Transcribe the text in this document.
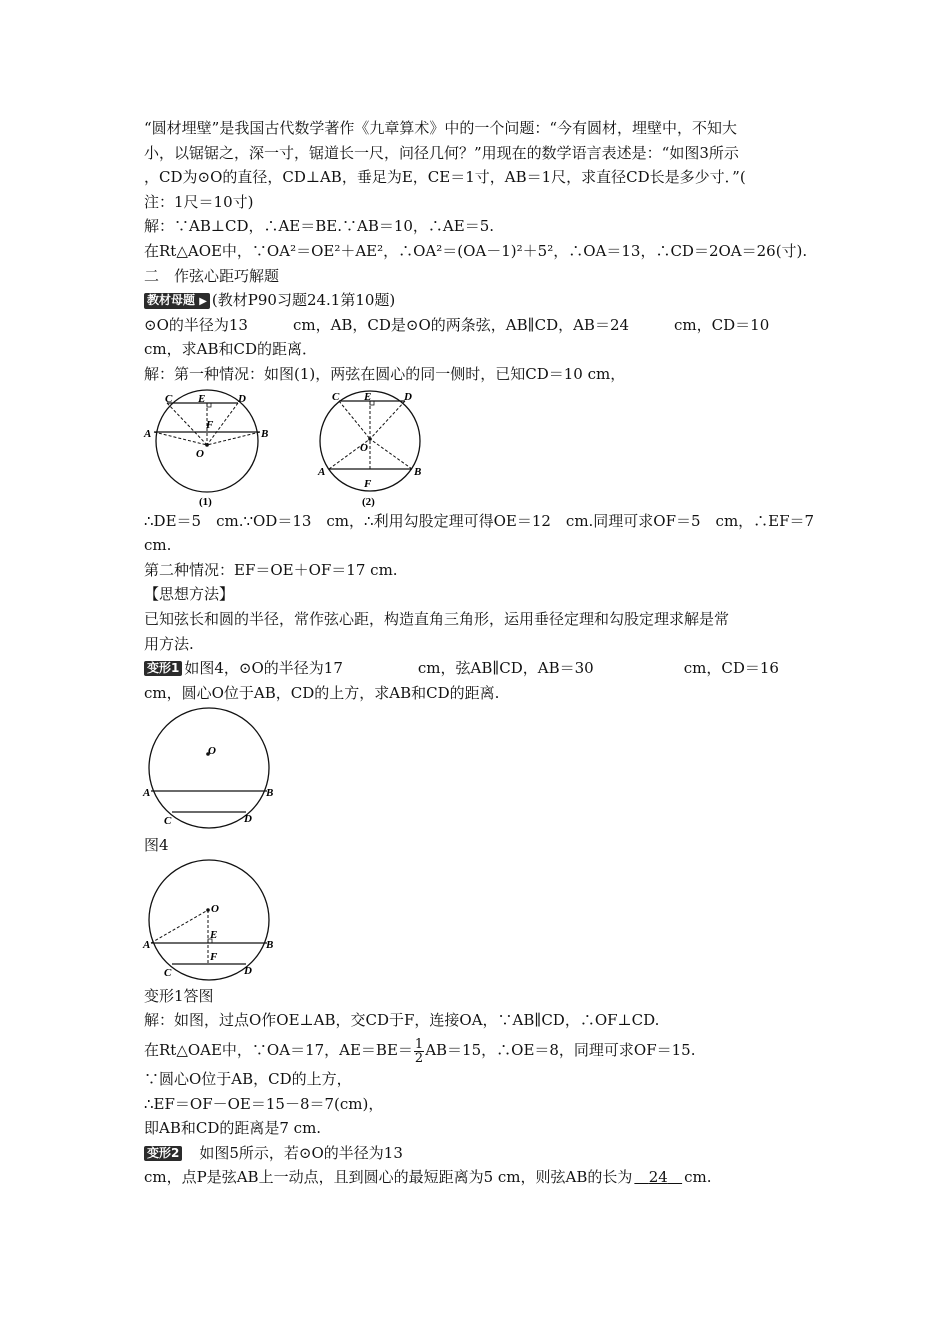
“圆材埋壁”是我国古代数学著作《九章算术》中的一个问题：“今有圆材，埋壁中，不知大
小，以锯锯之，深一寸，锯道长一尺，问径几何？”用现在的数学语言表述是：“如图3所示
，CD为⊙O的直径，CD⊥AB，垂足为E，CE＝1寸，AB＝1尺，求直径CD长是多少寸．”(
注：1尺＝10寸)
解：∵AB⊥CD，∴AE＝BE.∵AB＝10，∴AE＝5.
在Rt△AOE中，∵OA²＝OE²＋AE²，∴OA²＝(OA－1)²＋5²，∴OA＝13，∴CD＝2OA＝26(寸).
二　作弦心距巧解题
教材母题 ▶ (教材P90习题24.1第10题)
⊙O的半径为13　　　cm，AB，CD是⊙O的两条弦，AB∥CD，AB＝24　　　cm，CD＝10
cm，求AB和CD的距离．
解：第一种情况：如图(1)，两弦在圆心的同一侧时，已知CD＝10 cm，
C E	D
A	B
F
O
(1)
C E	D
A	B
F
O
(2)
∴DE＝5　cm.∵OD＝13　cm，∴利用勾股定理可得OE＝12　cm.同理可求OF＝5　cm，∴EF＝7
cm.
第二种情况：EF＝OE＋OF＝17 cm.
【思想方法】
已知弦长和圆的半径，常作弦心距，构造直角三角形，运用垂径定理和勾股定理求解是常
用方法.
变形1 如图4，⊙O的半径为17　　　　　cm，弦AB∥CD，AB＝30　　　　　　cm，CD＝16
cm，圆心O位于AB，CD的上方，求AB和CD的距离.
O
A	B
C	D
图4
O
E
F
A	B
C	D
变形1答图
解：如图，过点O作OE⊥AB，交CD于F，连接OA，∵AB∥CD，∴OF⊥CD.
在Rt△OAE中，∵OA＝17，$AE=BE= \frac{1}{2} AB=15$，∴OE＝8，同理可求OF＝15.
∵圆心O位于AB，CD的上方，
∴EF＝OF－OE＝15－8＝7(cm)，
即AB和CD的距离是7 cm.
变形2　 如图5所示，若⊙O的半径为13
cm，点P是弦AB上一动点，且到圆心的最短距离为5 cm，则弦AB的长为 24 cm.
